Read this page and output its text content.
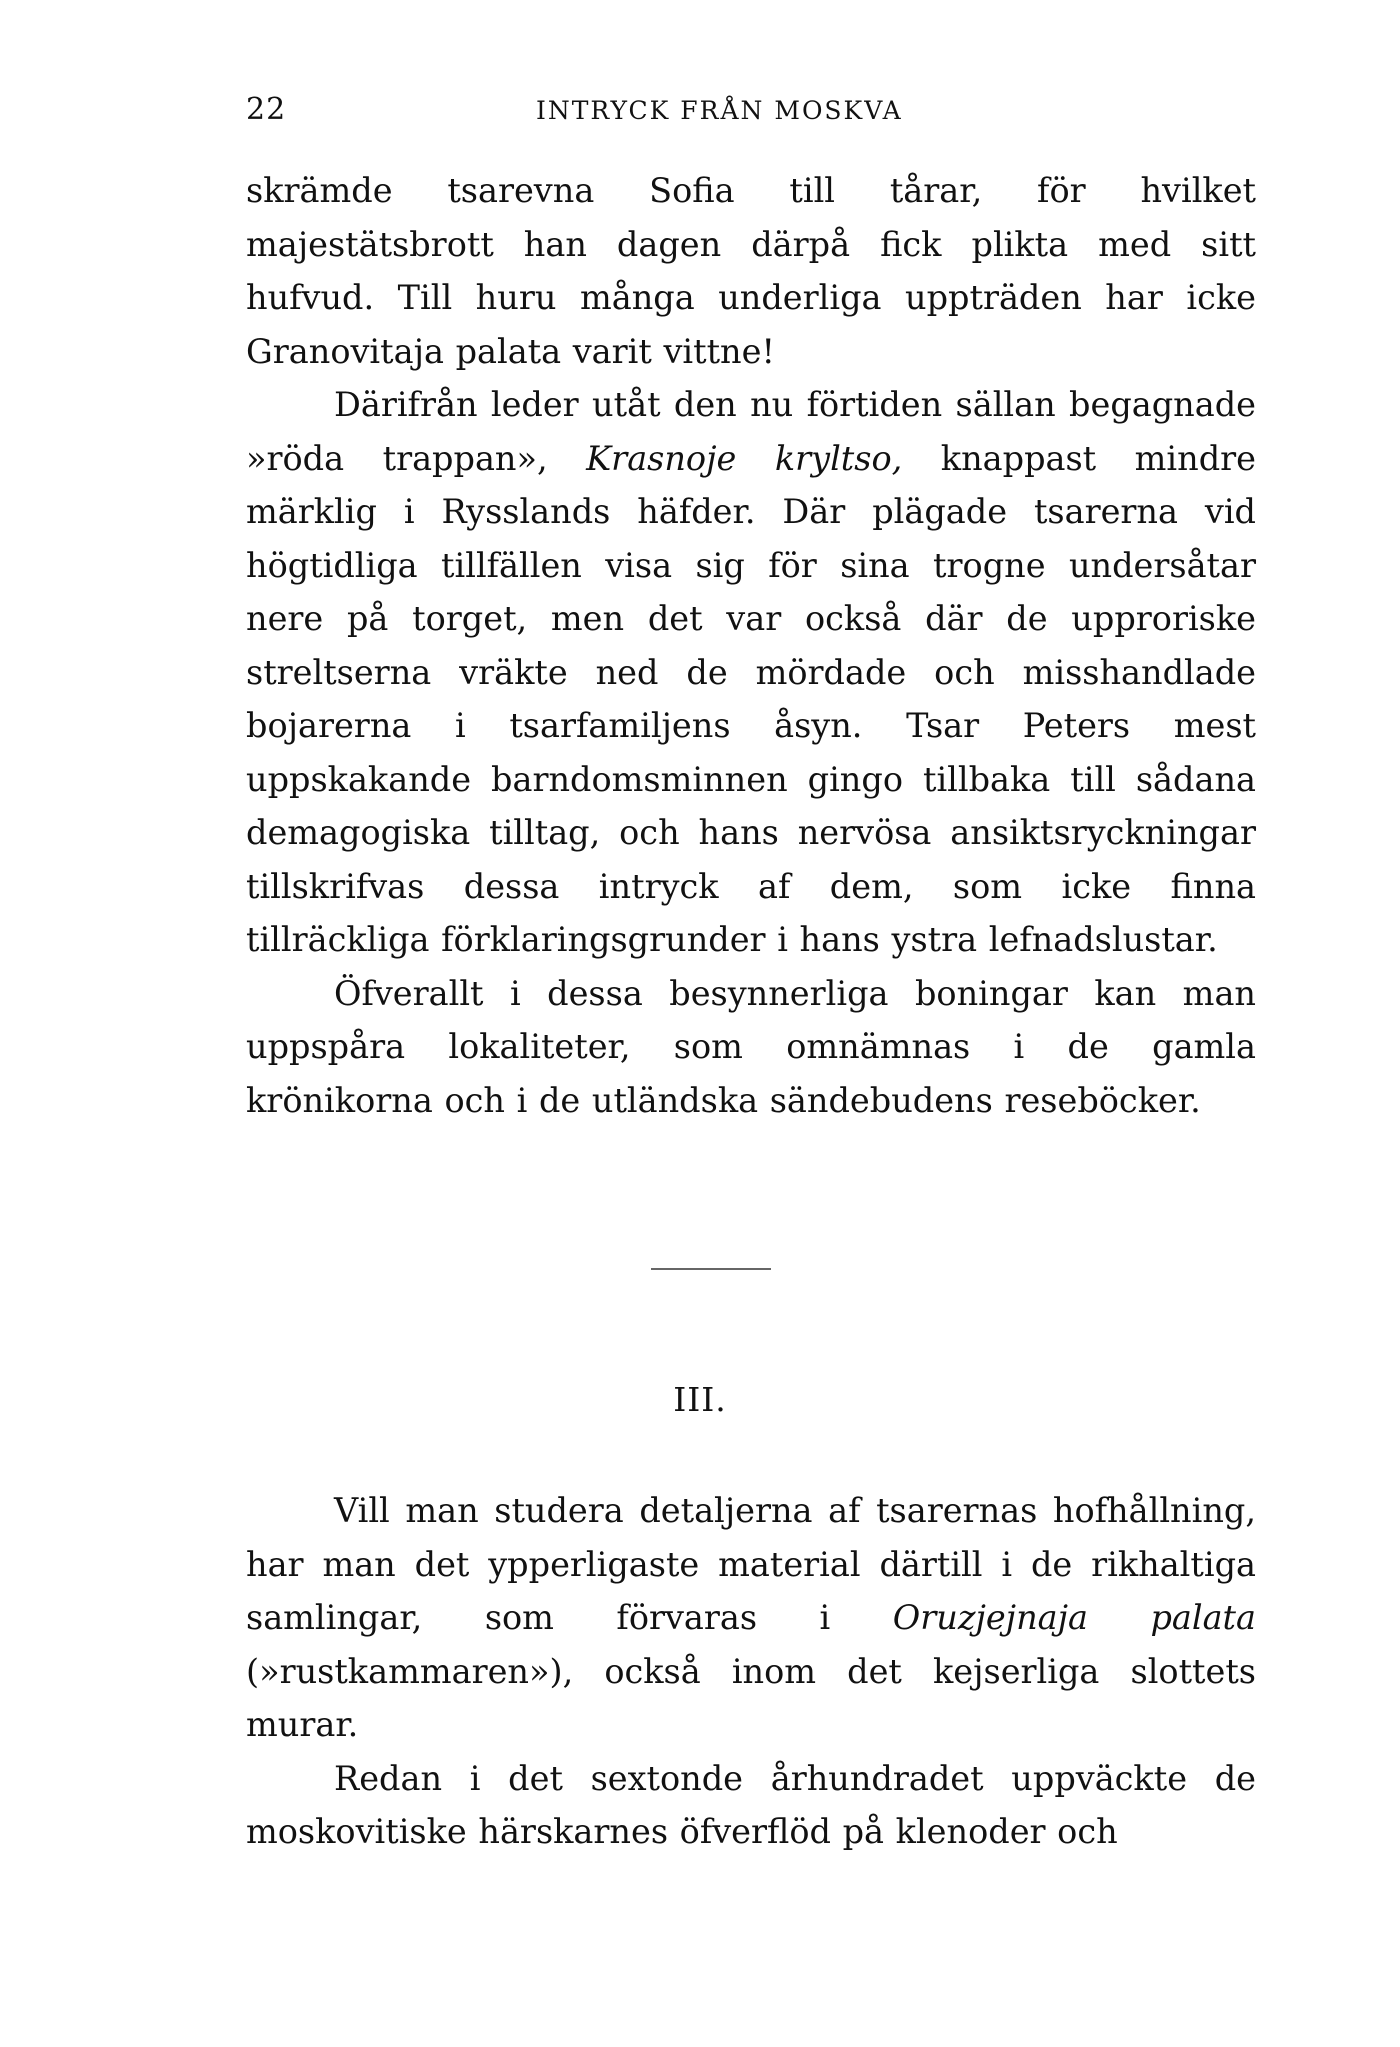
22	INTRYCK FRÅN MOSKVA

skrämde tsarevna Sofia till tårar, för hvilket majestätsbrott han dagen därpå fick plikta med sitt hufvud. Till huru många underliga uppträden har icke Granovitaja palata varit vittne!

Därifrån leder utåt den nu förtiden sällan begagnade »röda trappan», Krasnoje kryltso, knappast mindre märklig i Rysslands häfder. Där plägade tsarerna vid högtidliga tillfällen visa sig för sina trogne undersåtar nere på torget, men det var också där de upproriske streltserna vräkte ned de mördade och misshandlade bojarerna i tsarfamiljens åsyn. Tsar Peters mest uppskakande barndomsminnen gingo tillbaka till sådana demagogiska tilltag, och hans nervösa ansiktsryckningar tillskrifvas dessa intryck af dem, som icke finna tillräckliga förklaringsgrunder i hans ystra lefnadslustar.

Öfverallt i dessa besynnerliga boningar kan man uppspåra lokaliteter, som omnämnas i de gamla krönikorna och i de utländska sändebudens reseböcker.

III.

Vill man studera detaljerna af tsarernas hofhållning, har man det ypperligaste material därtill i de rikhaltiga samlingar, som förvaras i Oruzjejnaja palata (»rustkammaren»), också inom det kejserliga slottets murar.

Redan i det sextonde århundradet uppväckte de moskovitiske härskarnes öfverflöd på klenoder och
